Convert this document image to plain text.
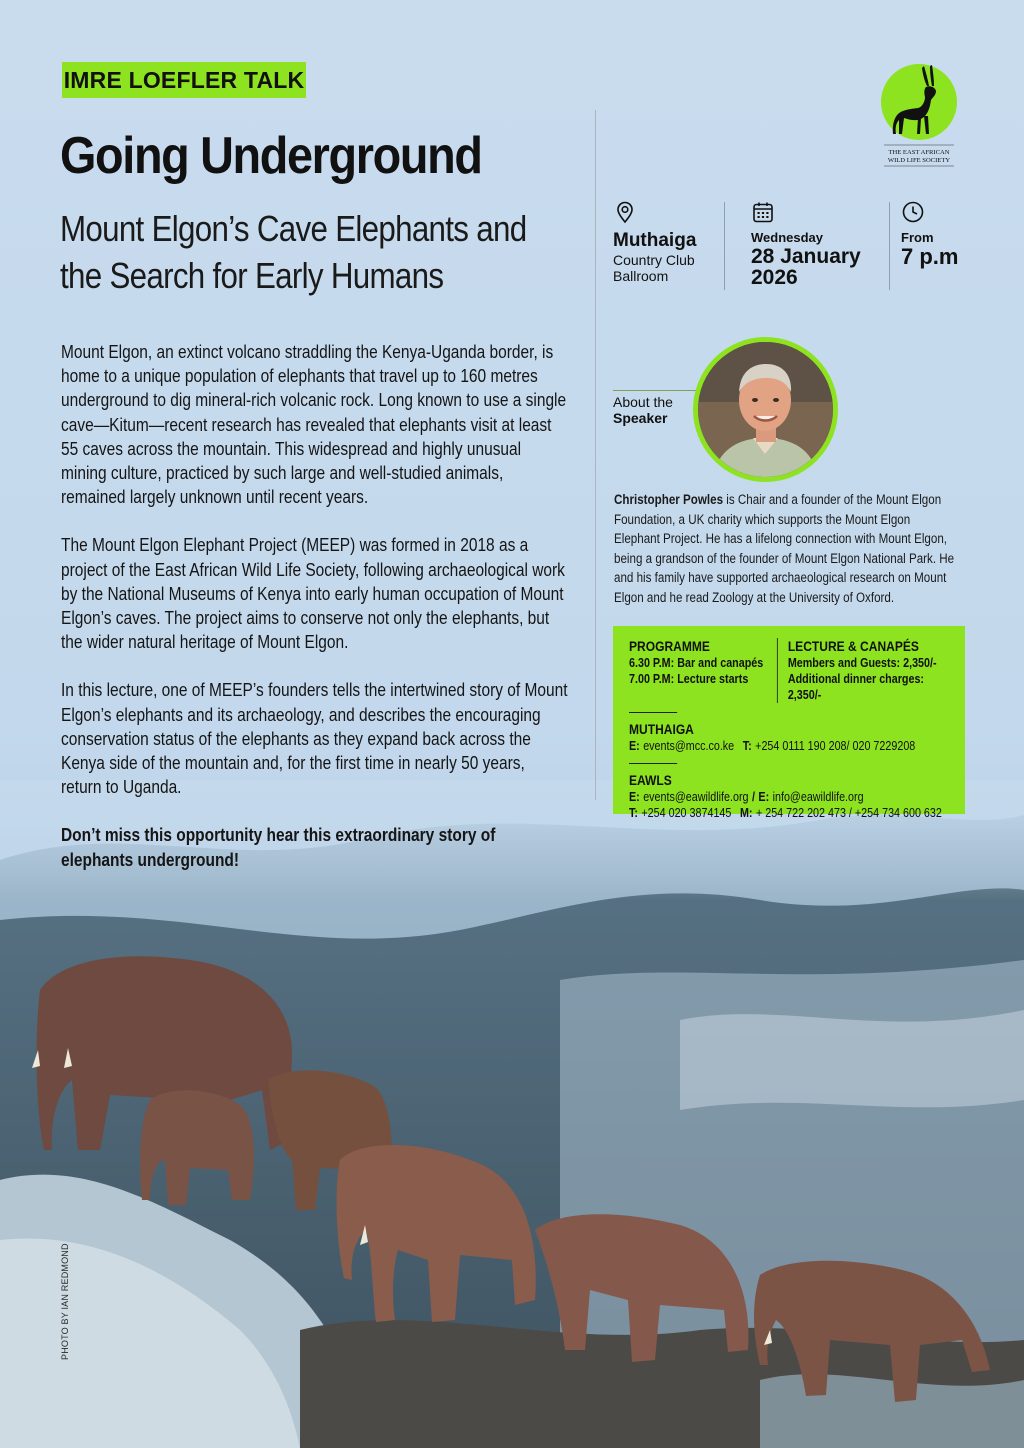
IMRE LOEFLER TALK
Going Underground
Mount Elgon’s Cave Elephants and the Search for Early Humans

Mount Elgon, an extinct volcano straddling the Kenya-Uganda border, is home to a unique population of elephants that travel up to 160 metres underground to dig mineral-rich volcanic rock. Long known to use a single cave—Kitum—recent research has revealed that elephants visit at least 55 caves across the mountain. This widespread and highly unusual mining culture, practiced by such large and well-studied animals, remained largely unknown until recent years.

The Mount Elgon Elephant Project (MEEP) was formed in 2018 as a project of the East African Wild Life Society, following archaeological work by the National Museums of Kenya into early human occupation of Mount Elgon’s caves. The project aims to conserve not only the elephants, but the wider natural heritage of Mount Elgon.

In this lecture, one of MEEP’s founders tells the intertwined story of Mount Elgon’s elephants and its archaeology, and describes the encouraging conservation status of the elephants as they expand back across the Kenya side of the mountain and, for the first time in nearly 50 years, return to Uganda.

Don’t miss this opportunity hear this extraordinary story of elephants underground!

THE EAST AFRICAN
WILD LIFE SOCIETY
Muthaiga
Country Club
Ballroom
Wednesday
28 January
2026
From
7 p.m
About the
Speaker
Christopher Powles is Chair and a founder of the Mount Elgon Foundation, a UK charity which supports the Mount Elgon Elephant Project. He has a lifelong connection with Mount Elgon, being a grandson of the founder of Mount Elgon National Park. He and his family have supported archaeological research on Mount Elgon and he read Zoology at the University of Oxford.
PROGRAMME
6.30 P.M: Bar and canapés
7.00 P.M: Lecture starts
LECTURE & CANAPÉS
Members and Guests: 2,350/-
Additional dinner charges: 2,350/-
MUTHAIGA
E: events@mcc.co.ke T: +254 0111 190 208/ 020 7229208
EAWLS
E: events@eawildlife.org / E: info@eawildlife.org
T: +254 020 3874145 M: + 254 722 202 473 / +254 734 600 632
PHOTO BY IAN REDMOND
